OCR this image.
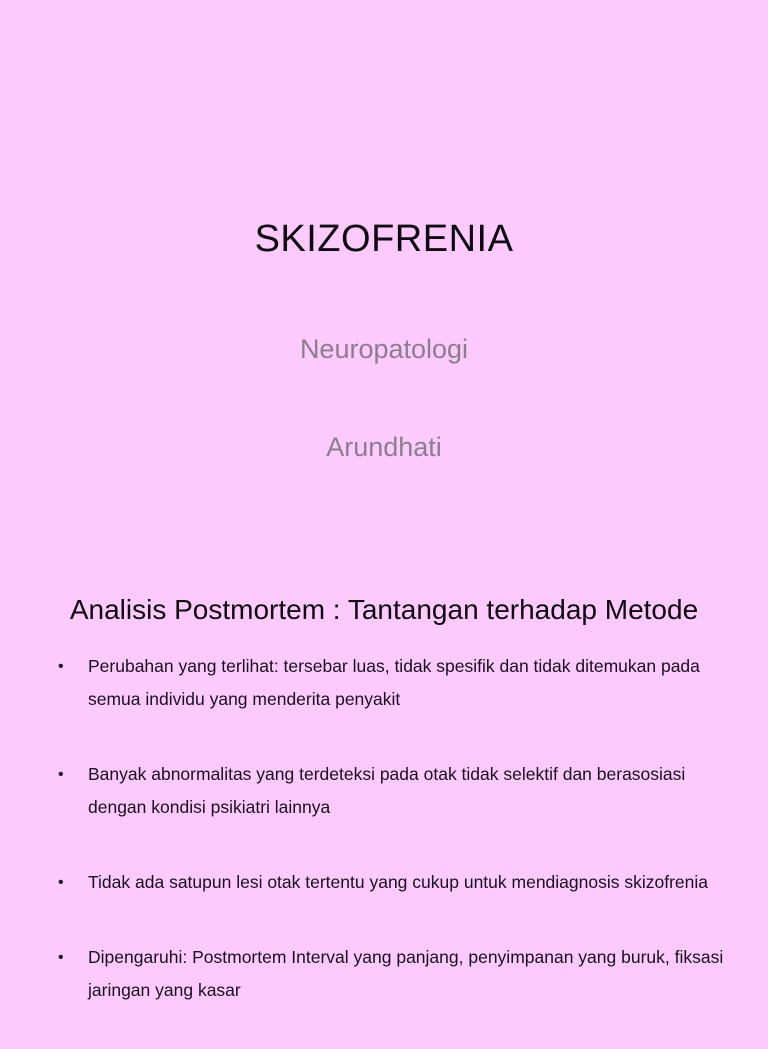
SKIZOFRENIA
Neuropatologi
Arundhati
Analisis Postmortem : Tantangan terhadap Metode
• Perubahan yang terlihat: tersebar luas, tidak spesifik dan tidak ditemukan pada semua individu yang menderita penyakit
• Banyak abnormalitas yang terdeteksi pada otak tidak selektif dan berasosiasi dengan kondisi psikiatri lainnya
• Tidak ada satupun lesi otak tertentu yang cukup untuk mendiagnosis skizofrenia
• Dipengaruhi: Postmortem Interval yang panjang, penyimpanan yang buruk, fiksasi jaringan yang kasar
